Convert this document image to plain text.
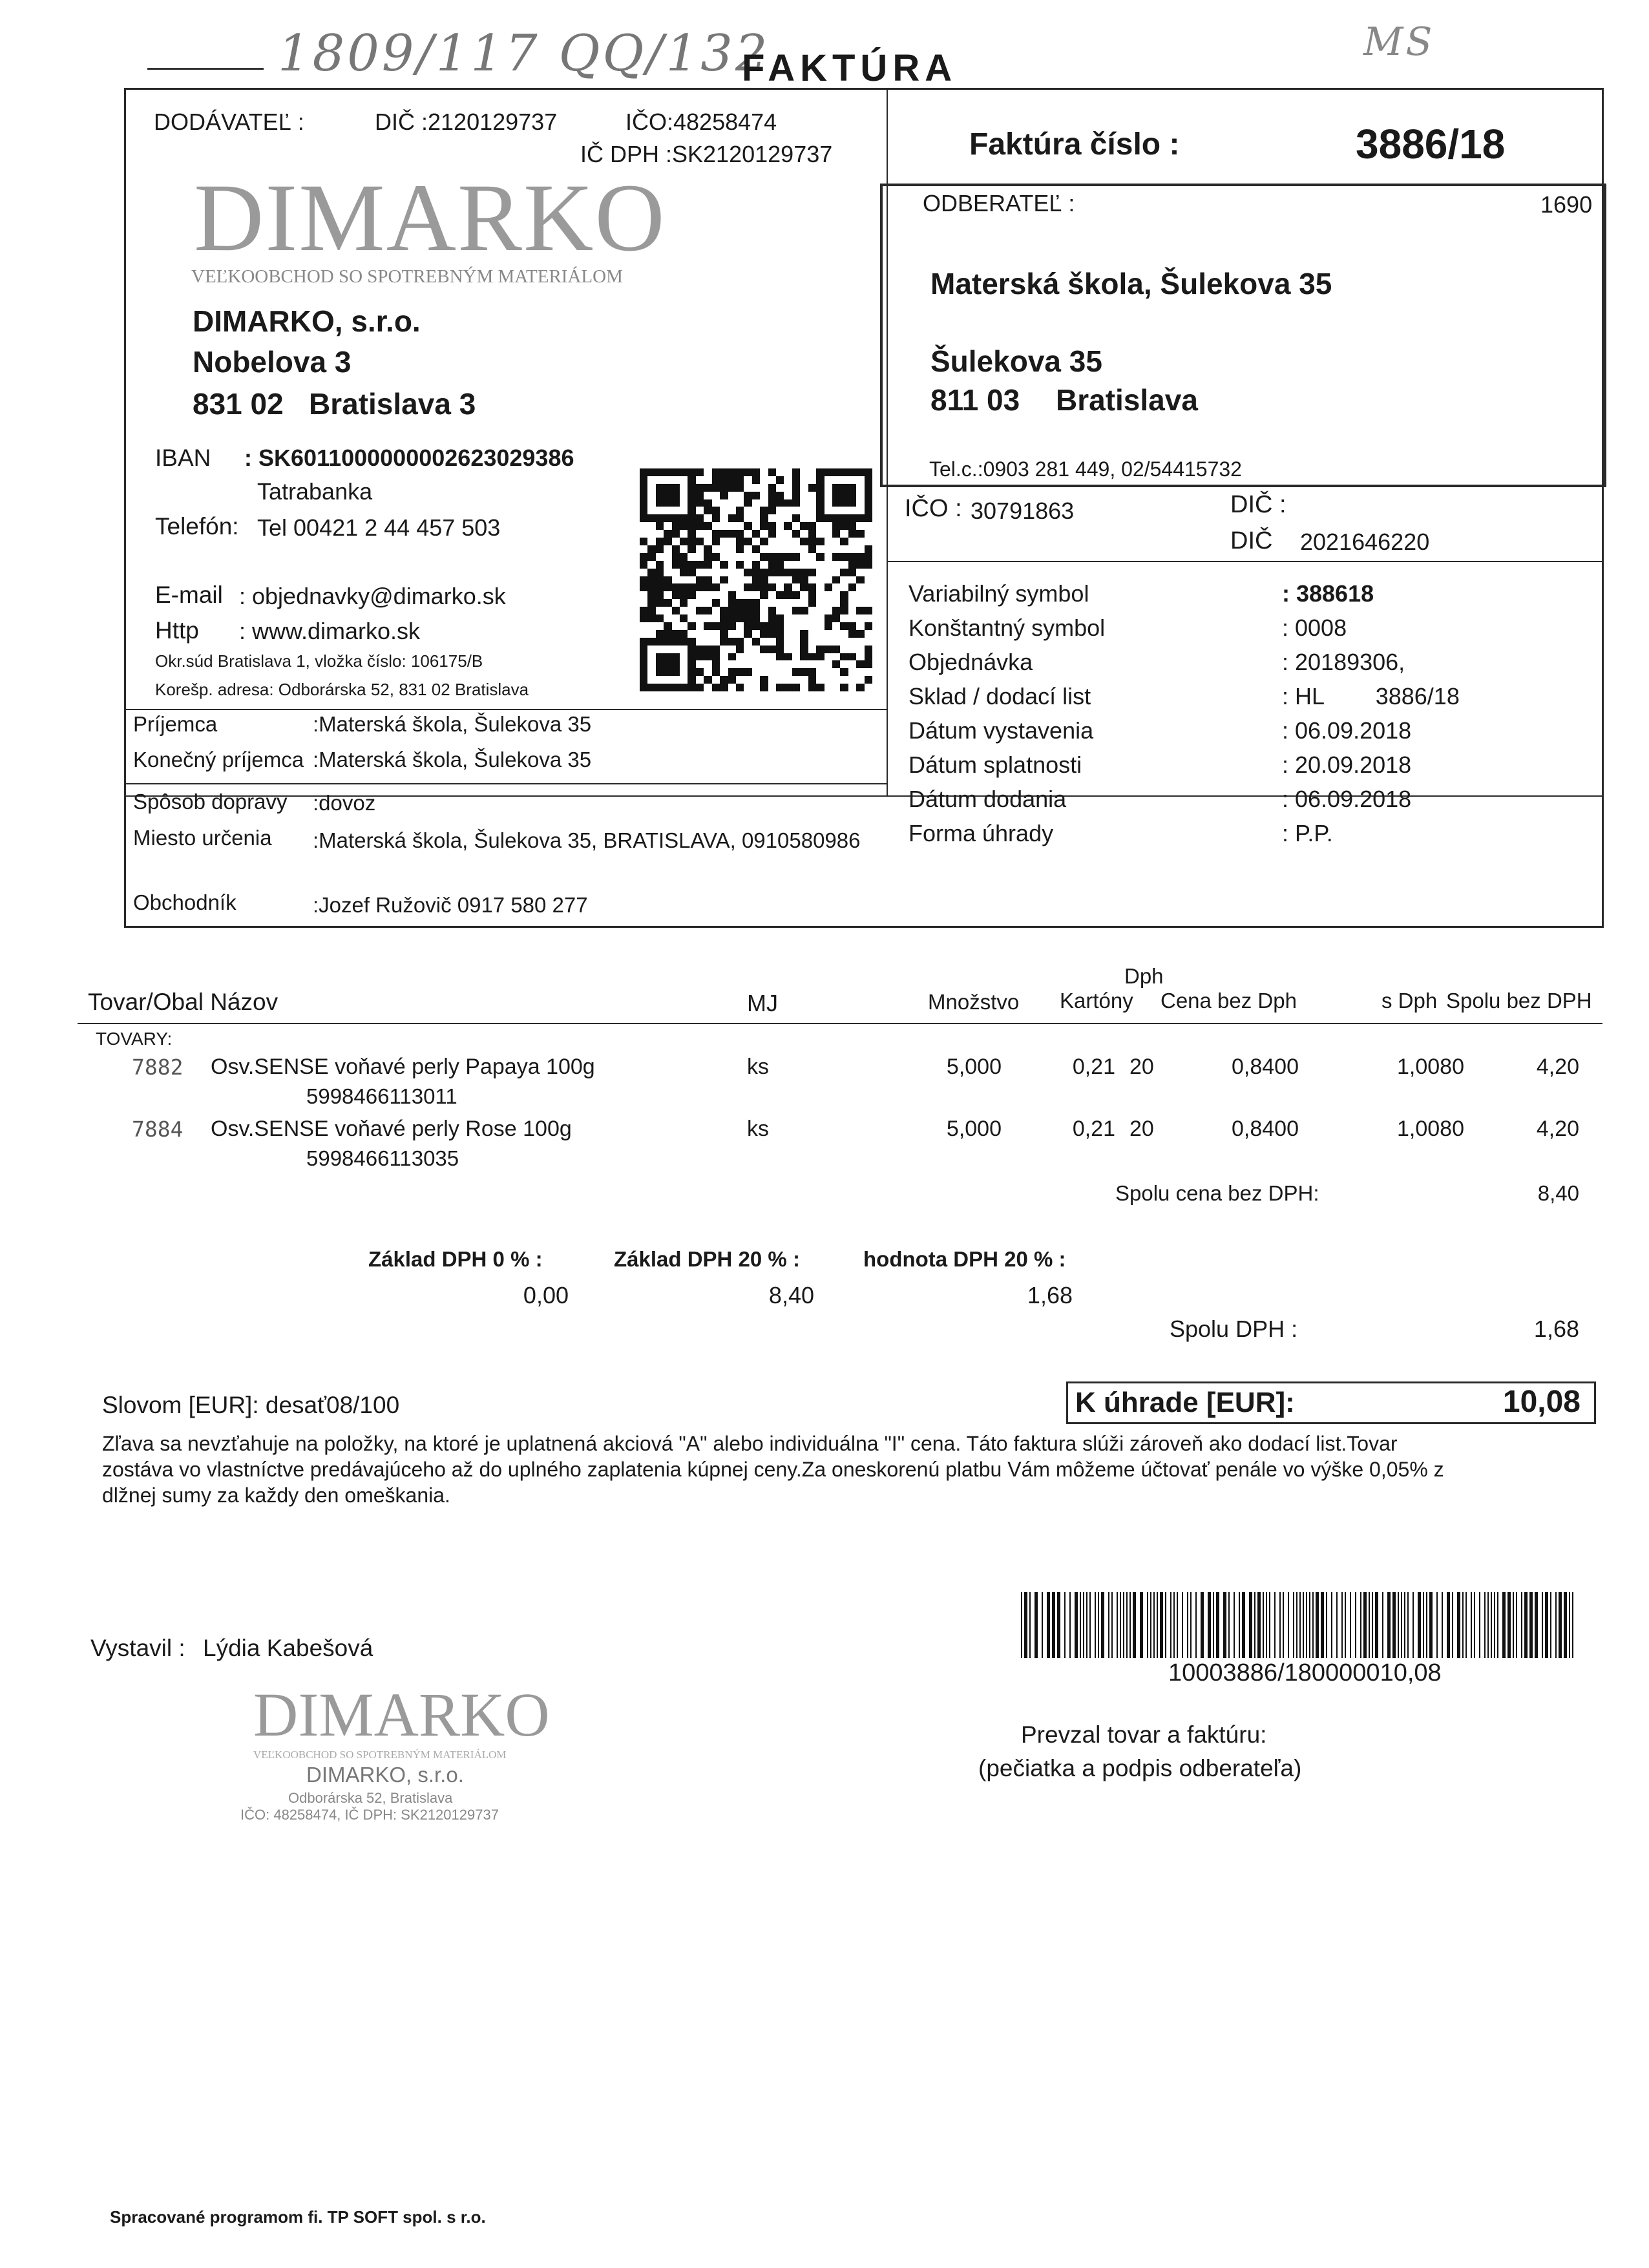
1809/117 QQ/132	MS
FAKTÚRA
DODÁVATEĽ :	DIČ :2120129737	IČO:48258474
IČ DPH :SK2120129737
DIMARKO
VEĽKOOBCHOD SO SPOTREBNÝM MATERIÁLOM
DIMARKO, s.r.o.
Nobelova 3
831 02 Bratislava 3
IBAN : SK6011000000002623029386
Tatrabanka
Telefón: Tel 00421 2 44 457 503
E-mail : objednavky@dimarko.sk
Http : www.dimarko.sk
Okr.súd Bratislava 1, vložka číslo: 106175/B
Korešp. adresa: Odborárska 52, 831 02 Bratislava
Príjemca	:Materská škola, Šulekova 35
Konečný príjemca :Materská škola, Šulekova 35
Spôsob dopravy :dovoz
Miesto určenia :Materská škola, Šulekova 35, BRATISLAVA, 0910580986
Obchodník	:Jozef Ružovič 0917 580 277
Faktúra číslo :	3886/18
ODBERATEĽ :	1690
Materská škola, Šulekova 35
Šulekova 35
811 03 Bratislava
Tel.c.:0903 281 449, 02/54415732
IČO : 30791863	DIČ :
DIČ 2021646220
Variabilný symbol	: 388618
Konštantný symbol	: 0008
Objednávka	: 20189306,
Sklad / dodací list	: HL        3886/18
Dátum vystavenia	: 06.09.2018
Dátum splatnosti	: 20.09.2018
Dátum dodania	: 06.09.2018
Forma úhrady	: P.P.
Dph
Tovar/Obal Názov	MJ	Množstvo Kartóny Cena bez Dph	s Dph Spolu bez DPH
TOVARY:
7882	Osv.SENSE voňavé perly Papaya 100g	ks	5,000	0,21 20	0,8400	1,0080	4,20
5998466113011
7884	Osv.SENSE voňavé perly Rose 100g	ks	5,000	0,21 20	0,8400	1,0080	4,20
5998466113035
Spolu cena bez DPH:	8,40
Základ DPH 0 % :
0,00
Základ DPH 20 % :
8,40
hodnota DPH 20 % :
1,68
Spolu DPH :	1,68
Slovom [EUR]: desať08/100	K úhrade [EUR]:	10,08
Zľava sa nevzťahuje na položky, na ktoré je uplatnená akciová "A" alebo individuálna "I" cena. Táto faktura slúži zároveň ako dodací list.Tovar
zostáva vo vlastníctve predávajúceho až do uplného zaplatenia kúpnej ceny.Za oneskorenú platbu Vám môžeme účtovať penále vo výške 0,05% z
dlžnej sumy za každy den omeškania.
Vystavil : Lýdia Kabešová
DIMARKO
VEĽKOOBCHOD SO SPOTREBNÝM MATERIÁLOM
DIMARKO, s.r.o.
Odborárska 52, Bratislava
IČO: 48258474, IČ DPH: SK2120129737
10003886/180000010,08
Prevzal tovar a faktúru:
(pečiatka a podpis odberateľa)
Spracované programom fi. TP SOFT spol. s r.o.
